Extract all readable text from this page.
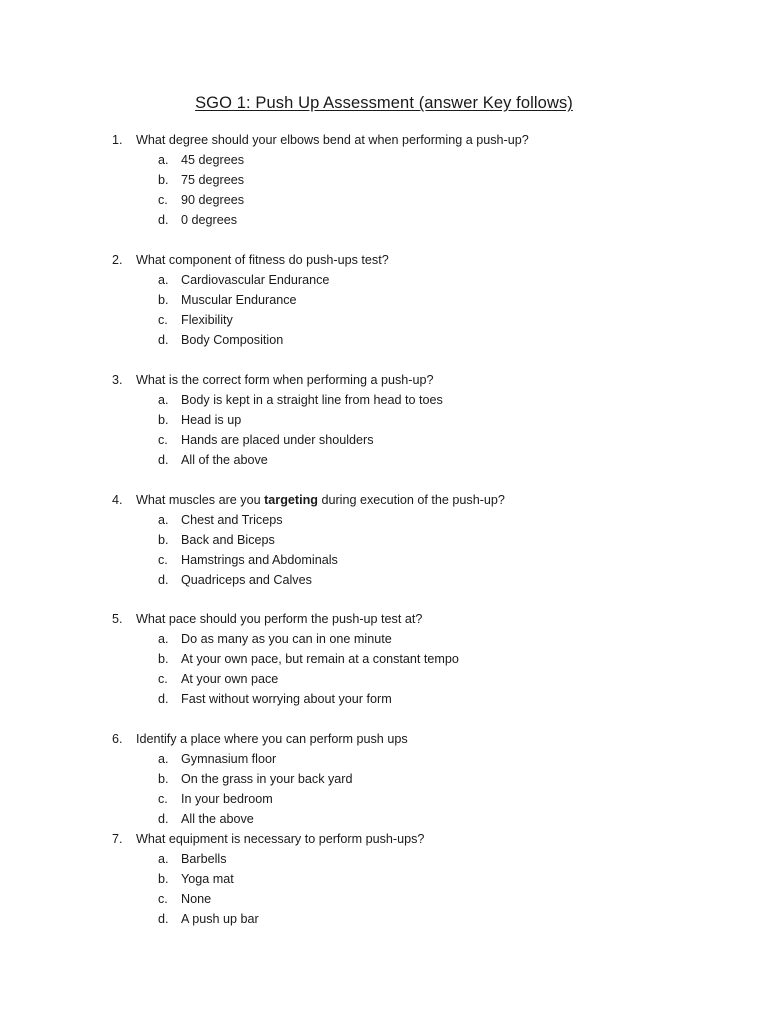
SGO 1: Push Up Assessment (answer Key follows)
1. What degree should your elbows bend at when performing a push-up?
a. 45 degrees
b. 75 degrees
c. 90 degrees
d. 0 degrees
2. What component of fitness do push-ups test?
a. Cardiovascular Endurance
b. Muscular Endurance
c. Flexibility
d. Body Composition
3. What is the correct form when performing a push-up?
a. Body is kept in a straight line from head to toes
b. Head is up
c. Hands are placed under shoulders
d. All of the above
4. What muscles are you targeting during execution of the push-up?
a. Chest and Triceps
b. Back and Biceps
c. Hamstrings and Abdominals
d. Quadriceps and Calves
5. What pace should you perform the push-up test at?
a. Do as many as you can in one minute
b. At your own pace, but remain at a constant tempo
c. At your own pace
d. Fast without worrying about your form
6. Identify a place where you can perform push ups
a. Gymnasium floor
b. On the grass in your back yard
c. In your bedroom
d. All the above
7. What equipment is necessary to perform push-ups?
a. Barbells
b. Yoga mat
c. None
d. A push up bar
